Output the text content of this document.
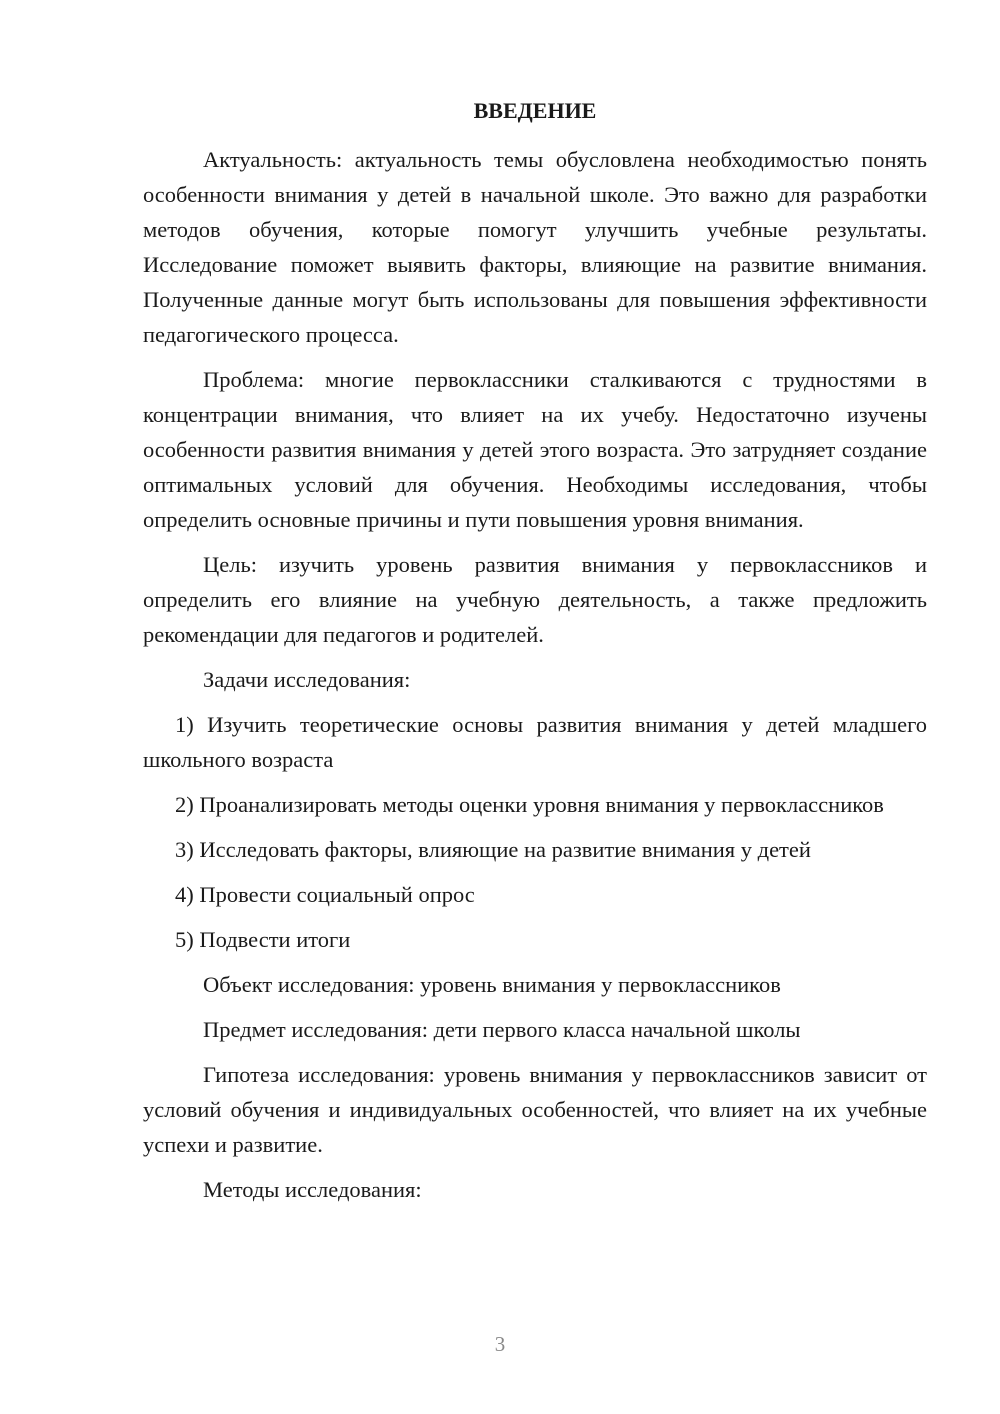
ВВЕДЕНИЕ

Актуальность: актуальность темы обусловлена необходимостью понять особенности внимания у детей в начальной школе. Это важно для разработки методов обучения, которые помогут улучшить учебные результаты. Исследование поможет выявить факторы, влияющие на развитие внимания. Полученные данные могут быть использованы для повышения эффективности педагогического процесса.

Проблема: многие первоклассники сталкиваются с трудностями в концентрации внимания, что влияет на их учебу. Недостаточно изучены особенности развития внимания у детей этого возраста. Это затрудняет создание оптимальных условий для обучения. Необходимы исследования, чтобы определить основные причины и пути повышения уровня внимания.

Цель: изучить уровень развития внимания у первоклассников и определить его влияние на учебную деятельность, а также предложить рекомендации для педагогов и родителей.

Задачи исследования:

1) Изучить теоретические основы развития внимания у детей младшего школьного возраста

2) Проанализировать методы оценки уровня внимания у первоклассников

3) Исследовать факторы, влияющие на развитие внимания у детей

4) Провести социальный опрос

5) Подвести итоги

Объект исследования: уровень внимания у первоклассников

Предмет исследования: дети первого класса начальной школы

Гипотеза исследования: уровень внимания у первоклассников зависит от условий обучения и индивидуальных особенностей, что влияет на их учебные успехи и развитие.

Методы исследования:

3
